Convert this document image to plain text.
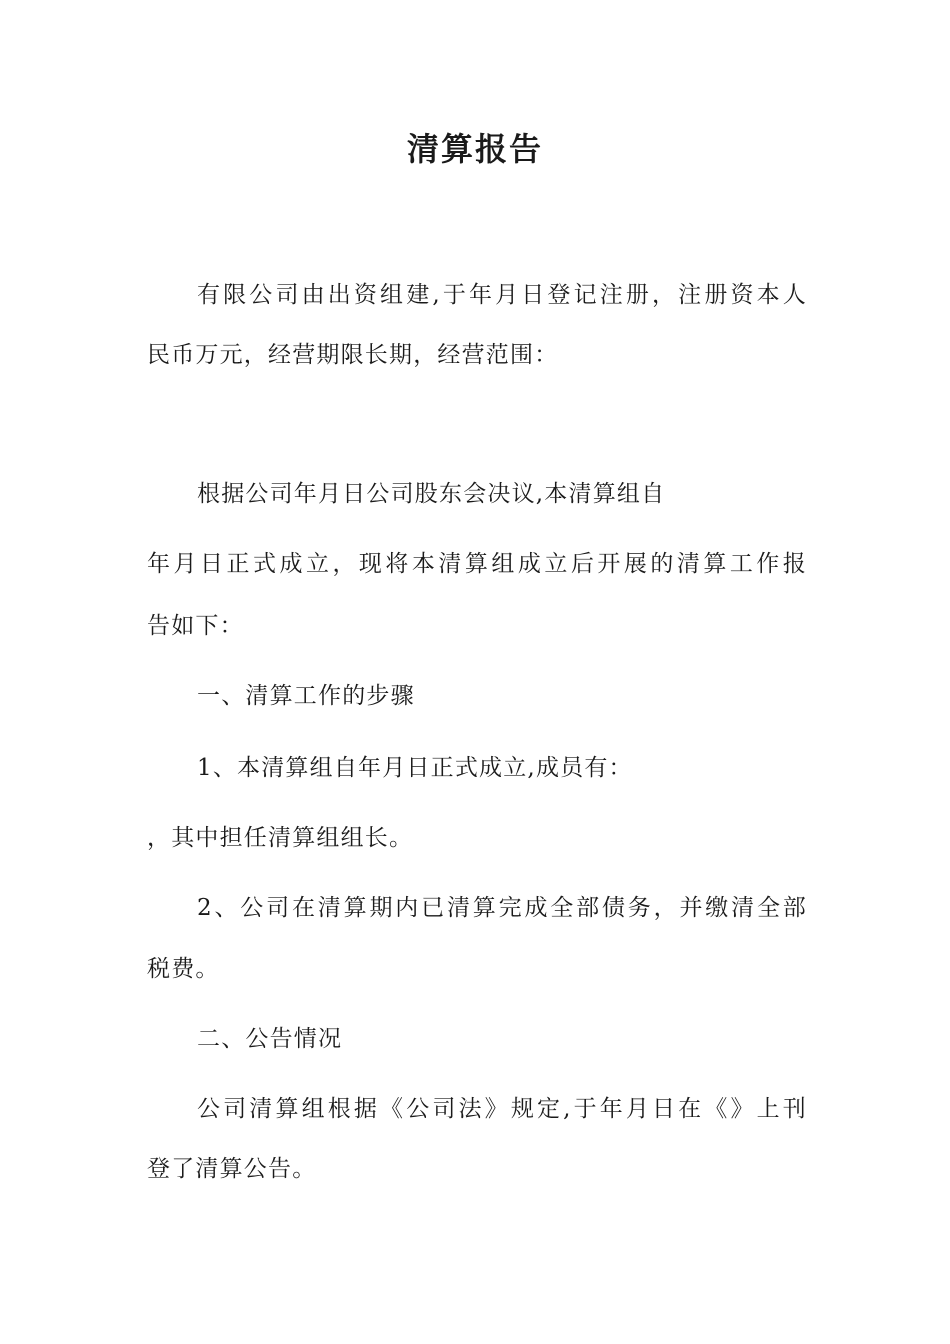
清算报告
有限公司由出资组建,于年月日登记注册，注册资本人
民币万元，经营期限长期，经营范围：
根据公司年月日公司股东会决议,本清算组自
年月日正式成立，现将本清算组成立后开展的清算工作报
告如下：
一、清算工作的步骤
1、本清算组自年月日正式成立,成员有：
，其中担任清算组组长。
2、公司在清算期内已清算完成全部债务，并缴清全部
税费。
二、公告情况
公司清算组根据《公司法》规定,于年月日在《》上刊
登了清算公告。
